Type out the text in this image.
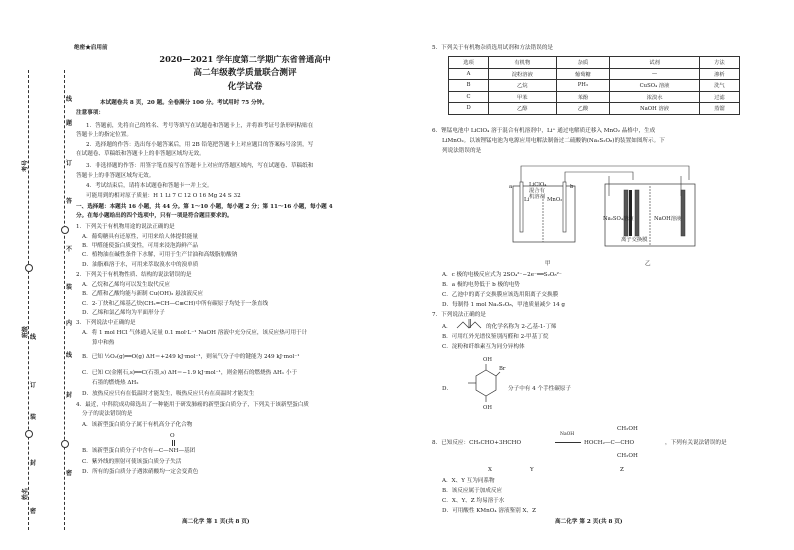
考号
班级
姓名
线
题
订
答
不
装
内
线
封
密
线
订
装
封
密
绝密★启用前
2020—2021 学年度第二学期广东省普通高中
高二年级教学质量联合测评
化学试卷
本试题卷共 8 页，20 题。全卷满分 100 分。考试用时 75 分钟。
注意事项：
1．答题前，先将自己的姓名、考号等填写在试题卷和答题卡上，并将准考证号条形码粘贴在
答题卡上的指定位置。
2．选择题的作答：选出每小题答案后，用 2B 铅笔把答题卡上对应题目的答案标号涂黑，写
在试题卷、草稿纸和答题卡上的非答题区域均无效。
3．非选择题的作答：用签字笔直接写在答题卡上对应的答题区域内，写在试题卷、草稿纸和
答题卡上的非答题区域均无效。
4．考试结束后，请将本试题卷和答题卡一并上交。
可能用到的相对原子质量：H 1 Li 7 C 12 O 16 Mg 24 S 32
一、选择题：本题共 16 小题，共 44 分。第 1～10 小题，每小题 2 分；第 11～16 小题，每小题 4
分。在每小题给出的四个选项中，只有一项是符合题目要求的。
1．下列关于有机物用途的说法正确的是
A．葡萄糖具有还原性，可用来给人体提供能量
B．甲醛能使蛋白质变性，可用来浸泡海鲜产品
C．植物油在碱性条件下水解，可用于生产甘油和高级脂肪酸钠
D．油脂难溶于水，可用来萃取溴水中的溴单质
2．下列关于有机物性质、结构的说法错误的是
A．乙烷和乙烯均可以发生取代反应
B．乙醛和乙酸均能与新制 Cu(OH)₂ 悬浊液反应
C．2-丁炔和乙烯基乙炔(CH₂=CH—C≡CH)中所有碳原子均处于一条直线
D．乙烯和氯乙烯均为平面形分子
3．下列说法中正确的是
A．将 1 mol HCl 气体通入足量 0.1 mol·L⁻¹ NaOH 溶液中充分反应，该反应热可用于计
算中和热
B．已知 ½O₂(g)══O(g) ΔH＝+249 kJ·mol⁻¹，则氧气分子中的键能为 249 kJ·mol⁻¹
C．已知 C(金刚石,s)══C(石墨,s) ΔH＝−1.9 kJ·mol⁻¹，则金刚石的燃烧热 ΔH₁ 小于
石墨的燃烧热 ΔH₂
D．放热反应只有在低温时才能发生，吸热反应只有在高温时才能发生
4．最近，中科院成功筛选出了一种能用于研发肺癌的新型蛋白质分子，下列关于该新型蛋白质
分子的说法错误的是
A．该新型蛋白质分子属于有机高分子化合物
O
B．该新型蛋白质分子中含有—C—NH—基团
C．紫外线的照射可使该蛋白质分子失活
D．所有的蛋白质分子遇浓硝酸均一定会变黄色
高二化学 第 1 页(共 8 页)
5．下列关于有机物杂质选用试剂和方法错误的是
选项	有机物	杂质	试剂	方法
A	淀粉溶液	葡萄糖	—	渗析
B	乙烷	PH₃	CuSO₄ 溶液	洗气
C	甲苯	苯酚	浓溴水	过滤
D	乙醇	乙酸	NaOH 溶液	蒸馏
6．锂锰电池中 LiClO₄ 溶于混合有机溶剂中，Li⁺ 通过电解质迁移入 MnO₂ 晶格中，生成
LiMnO₂。以该锂锰电池为电源应用电解法制备过二硫酸钠(Na₂S₂O₈)的装置如图所示。下
列说法错误的是
Li
LiClO₄
混合有
机溶剂 MnO₂
a	b
Na₂SO₄溶液	NaOH溶液
离子交换膜
甲	乙
A．c 极的电极反应式为 2SO₄²⁻−2e⁻══S₂O₈²⁻
B．a 极的电势低于 b 极的电势
C．乙池中的离子交换膜应该选用阳离子交换膜
D．每制得 1 mol Na₂S₂O₈，甲池质量减少 14 g
7．下列说法正确的是
A．	的化学名称为 2-乙基-1-丁烯
B．可用红外光谱仪鉴别丙醛和 2-甲基丁烷
C．淀粉和纤维素互为同分异构体
OH
Br
OH
D．	分子中有 4 个手性碳原子
8．已知反应：CH₃CHO+3HCHO
NaOH
HOCH₂—C—CHO
CH₂OH
CH₂OH
，下列有关说法错误的是
X	Y	Z
A．X、Y 互为同系物
B．该反应属于加成反应
C．X、Y、Z 均易溶于水
D．可用酸性 KMnO₄ 溶液鉴别 X、Z
高二化学 第 2 页(共 8 页)
